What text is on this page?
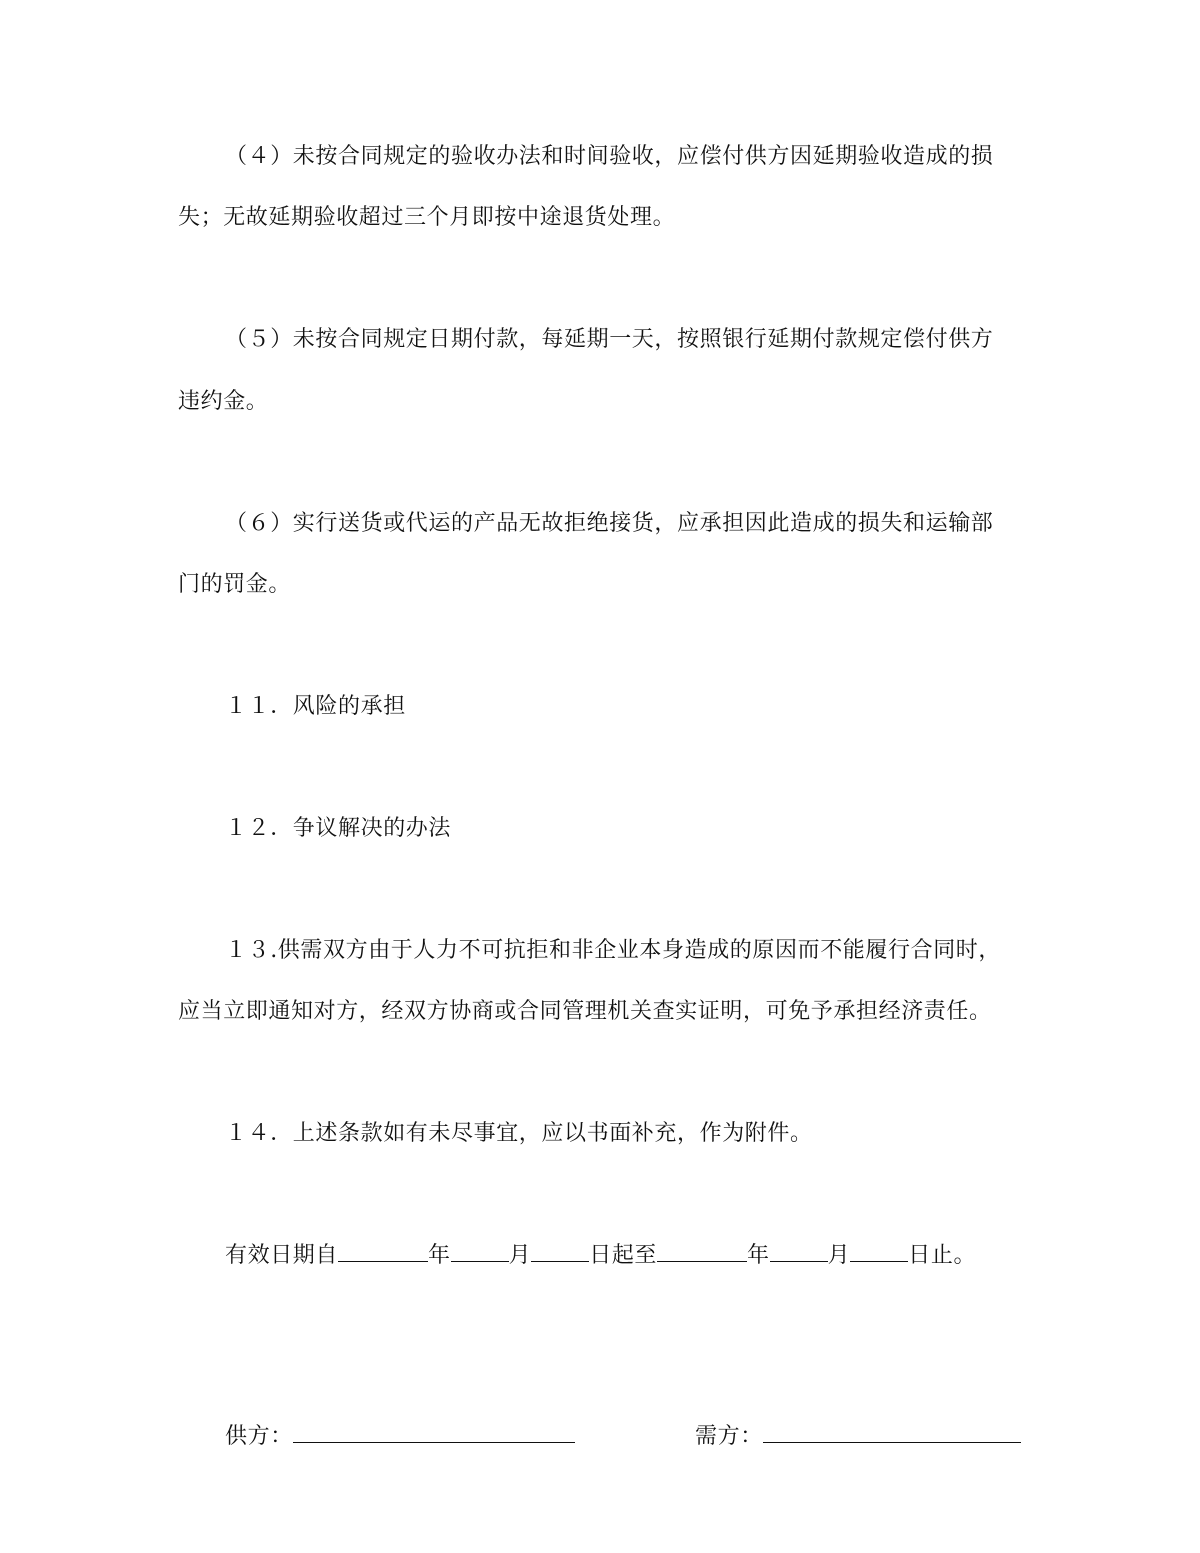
（４）未按合同规定的验收办法和时间验收，应偿付供方因延期验收造成的损
失；无故延期验收超过三个月即按中途退货处理。
（５）未按合同规定日期付款，每延期一天，按照银行延期付款规定偿付供方
违约金。
（６）实行送货或代运的产品无故拒绝接货，应承担因此造成的损失和运输部
门的罚金。
１１．风险的承担
１２．争议解决的办法
１３.供需双方由于人力不可抗拒和非企业本身造成的原因而不能履行合同时，
应当立即通知对方，经双方协商或合同管理机关查实证明，可免予承担经济责任。
１４．上述条款如有未尽事宜，应以书面补充，作为附件。
有效日期自	年	月	日起至	年	月	日止。
供方：	需方：
